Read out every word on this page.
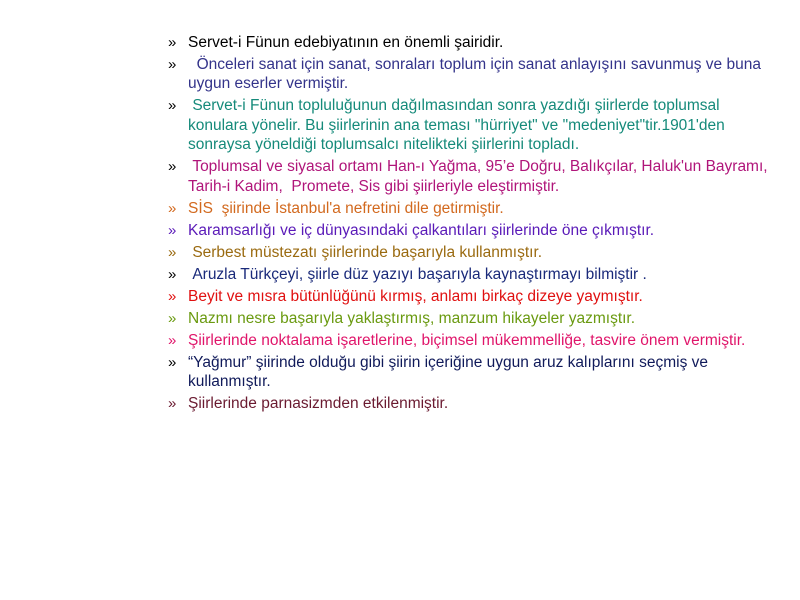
» Servet-i Fünun edebiyatının en önemli şairidir.
» Önceleri sanat için sanat, sonraları toplum için sanat anlayışını savunmuş ve buna uygun eserler vermiştir.
» Servet-i Fünun topluluğunun dağılmasından sonra yazdığı şiirlerde toplumsal konulara yönelir. Bu şiirlerinin ana teması "hürriyet" ve "medeniyet"tir.1901'den sonraysa yöneldiği toplumsalcı nitelikteki şiirlerini topladı.
» Toplumsal ve siyasal ortamı Han-ı Yağma, 95’e Doğru, Balıkçılar, Haluk'un Bayramı, Tarih-i Kadim,  Promete, Sis gibi şiirleriyle eleştirmiştir.
» SİS  şiirinde İstanbul'a nefretini dile getirmiştir.
» Karamsarlığı ve iç dünyasındaki çalkantıları şiirlerinde öne çıkmıştır.
» Serbest müstezatı şiirlerinde başarıyla kullanmıştır.
» Aruzla Türkçeyi, şiirle düz yazıyı başarıyla kaynaştırmayı bilmiştir .
» Beyit ve mısra bütünlüğünü kırmış, anlamı birkaç dizeye yaymıştır.
» Nazmı nesre başarıyla yaklaştırmış, manzum hikayeler yazmıştır.
» Şiirlerinde noktalama işaretlerine, biçimsel mükemmelliğe, tasvire önem vermiştir.
» “Yağmur” şiirinde olduğu gibi şiirin içeriğine uygun aruz kalıplarını seçmiş ve kullanmıştır.
» Şiirlerinde parnasizmden etkilenmiştir.
